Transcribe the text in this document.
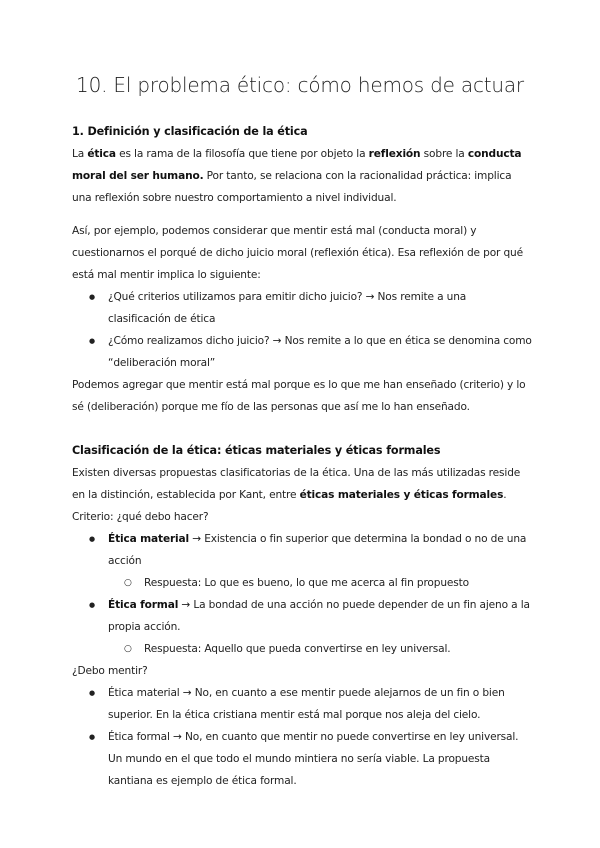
10. El problema ético: cómo hemos de actuar
1. Definición y clasificación de la ética

La ética es la rama de la filosofía que tiene por objeto la reflexión sobre la conducta moral del ser humano. Por tanto, se relaciona con la racionalidad práctica: implica una reflexión sobre nuestro comportamiento a nivel individual.

Así, por ejemplo, podemos considerar que mentir está mal (conducta moral) y cuestionarnos el porqué de dicho juicio moral (reflexión ética). Esa reflexión de por qué está mal mentir implica lo siguiente:

● ¿Qué criterios utilizamos para emitir dicho juicio? → Nos remite a una clasificación de ética
● ¿Cómo realizamos dicho juicio? → Nos remite a lo que en ética se denomina como “deliberación moral”

Podemos agregar que mentir está mal porque es lo que me han enseñado (criterio) y lo sé (deliberación) porque me fío de las personas que así me lo han enseñado.

Clasificación de la ética: éticas materiales y éticas formales

Existen diversas propuestas clasificatorias de la ética. Una de las más utilizadas reside en la distinción, establecida por Kant, entre éticas materiales y éticas formales.

Criterio: ¿qué debo hacer?

● Ética material → Existencia o fin superior que determina la bondad o no de una acción
○ Respuesta: Lo que es bueno, lo que me acerca al fin propuesto
● Ética formal → La bondad de una acción no puede depender de un fin ajeno a la propia acción.
○ Respuesta: Aquello que pueda convertirse en ley universal.

¿Debo mentir?

● Ética material → No, en cuanto a ese mentir puede alejarnos de un fin o bien superior. En la ética cristiana mentir está mal porque nos aleja del cielo.
● Ética formal → No, en cuanto que mentir no puede convertirse en ley universal. Un mundo en el que todo el mundo mintiera no sería viable. La propuesta kantiana es ejemplo de ética formal.
